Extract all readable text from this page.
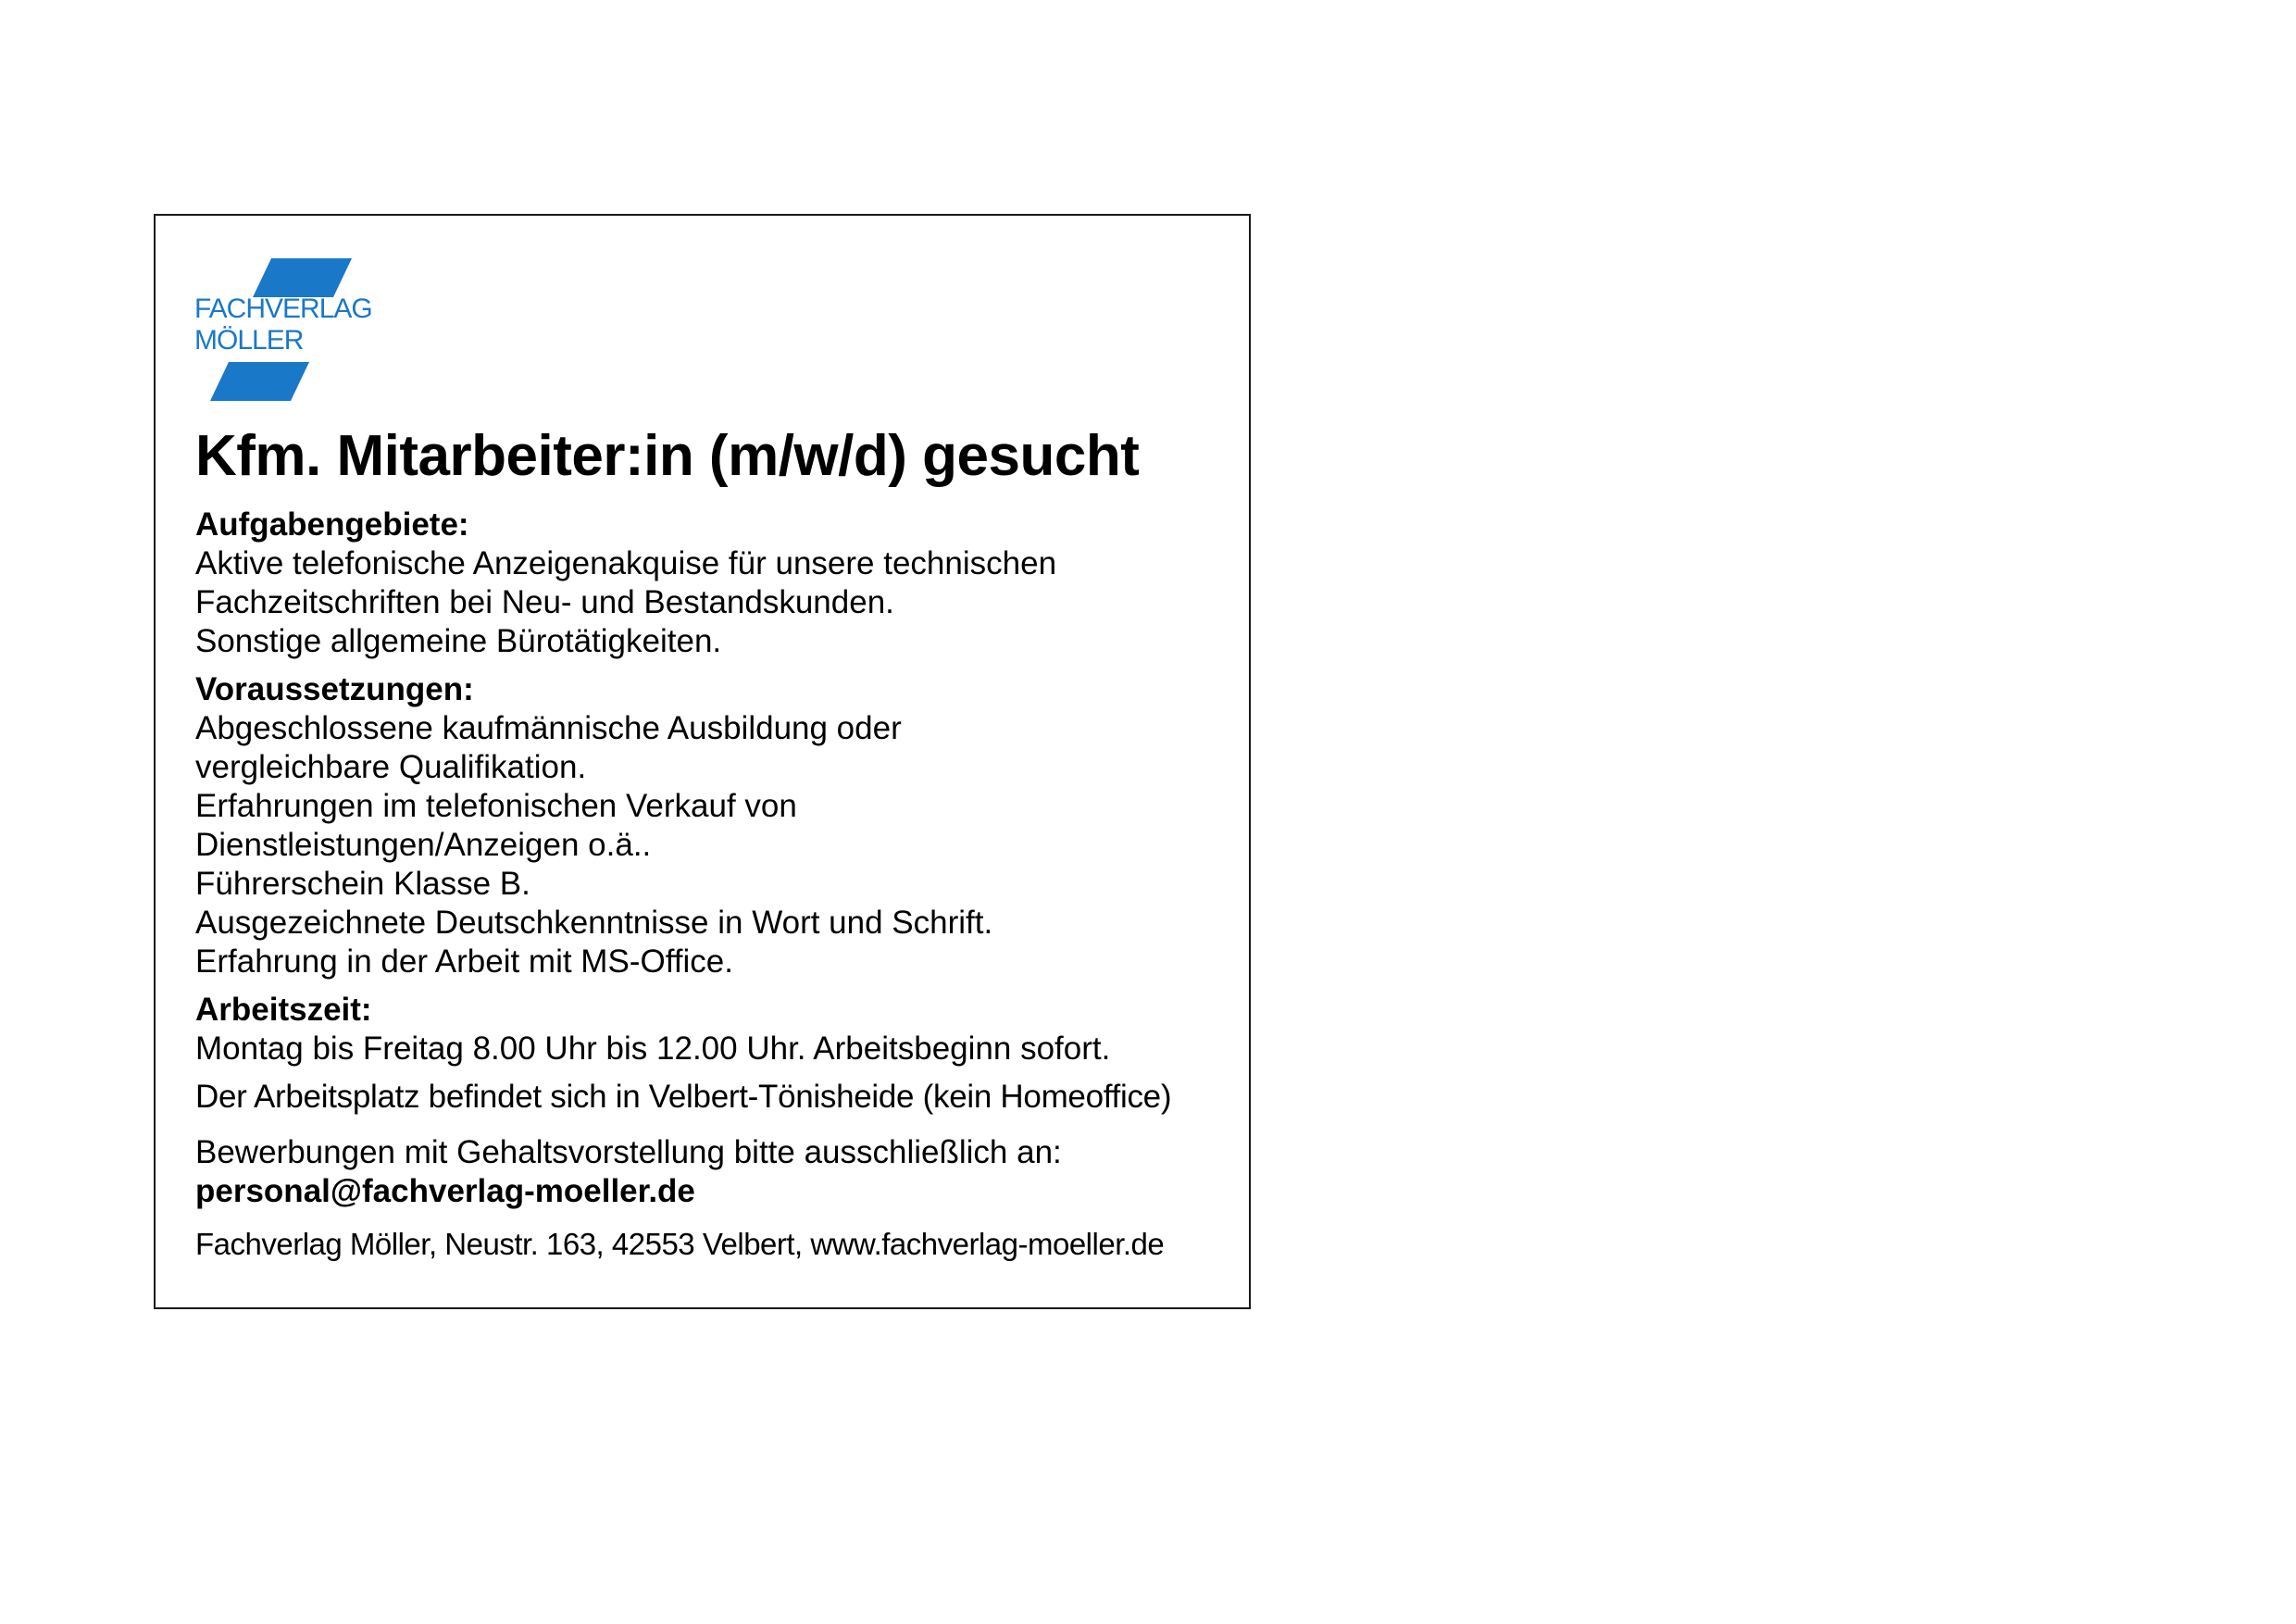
FACHVERLAG
MÖLLER
Kfm. Mitarbeiter:in (m/w/d) gesucht
Aufgabengebiete:
Aktive telefonische Anzeigenakquise für unsere technischen
Fachzeitschriften bei Neu- und Bestandskunden.
Sonstige allgemeine Bürotätigkeiten.
Voraussetzungen:
Abgeschlossene kaufmännische Ausbildung oder
vergleichbare Qualifikation.
Erfahrungen im telefonischen Verkauf von
Dienstleistungen/Anzeigen o.ä..
Führerschein Klasse B.
Ausgezeichnete Deutschkenntnisse in Wort und Schrift.
Erfahrung in der Arbeit mit MS-Office.
Arbeitszeit:
Montag bis Freitag 8.00 Uhr bis 12.00 Uhr. Arbeitsbeginn sofort.
Der Arbeitsplatz befindet sich in Velbert-Tönisheide (kein Homeoffice)
Bewerbungen mit Gehaltsvorstellung bitte ausschließlich an:
personal@fachverlag-moeller.de
Fachverlag Möller, Neustr. 163, 42553 Velbert, www.fachverlag-moeller.de
